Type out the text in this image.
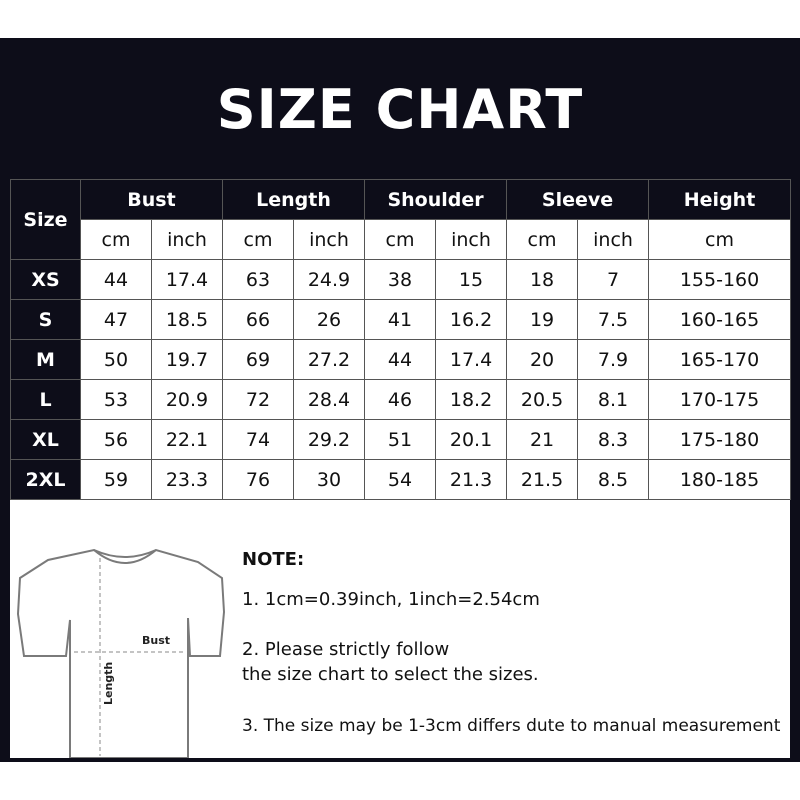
SIZE CHART
Size	Bust		Length		Shoulder		Sleeve		Height
	cm	inch	cm	inch	cm	inch	cm	inch	cm
XS	44	17.4	63	24.9	38	15	18	7	155-160
S	47	18.5	66	26	41	16.2	19	7.5	160-165
M	50	19.7	69	27.2	44	17.4	20	7.9	165-170
L	53	20.9	72	28.4	46	18.2	20.5	8.1	170-175
XL	56	22.1	74	29.2	51	20.1	21	8.3	175-180
2XL	59	23.3	76	30	54	21.3	21.5	8.5	180-185
Bust
Length
NOTE:
1. 1cm=0.39inch, 1inch=2.54cm
2. Please strictly follow
the size chart to select the sizes.
3. The size may be 1-3cm differs dute to manual measurement
